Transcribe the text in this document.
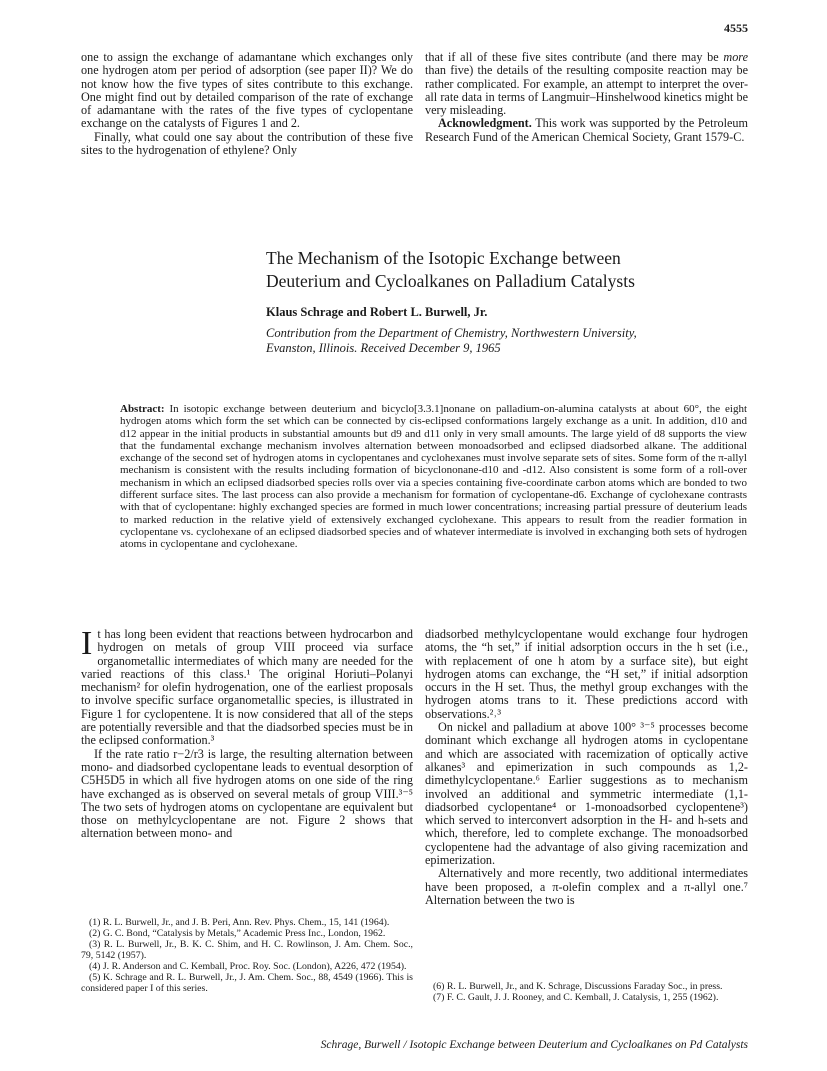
4555

one to assign the exchange of adamantane which exchanges only one hydrogen atom per period of adsorption (see paper II)? We do not know how the five types of sites contribute to this exchange. One might find out by detailed comparison of the rate of exchange of adamantane with the rates of the five types of cyclopentane exchange on the catalysts of Figures 1 and 2.

Finally, what could one say about the contribution of these five sites to the hydrogenation of ethylene? Only

that if all of these five sites contribute (and there may be more than five) the details of the resulting composite reaction may be rather complicated. For example, an attempt to interpret the over-all rate data in terms of Langmuir–Hinshelwood kinetics might be very misleading.

Acknowledgment. This work was supported by the Petroleum Research Fund of the American Chemical Society, Grant 1579-C.

The Mechanism of the Isotopic Exchange between
Deuterium and Cycloalkanes on Palladium Catalysts

Klaus Schrage and Robert L. Burwell, Jr.

Contribution from the Department of Chemistry, Northwestern University,
Evanston, Illinois. Received December 9, 1965

Abstract: In isotopic exchange between deuterium and bicyclo[3.3.1]nonane on palladium-on-alumina catalysts at about 60°, the eight hydrogen atoms which form the set which can be connected by cis-eclipsed conformations largely exchange as a unit. In addition, d10 and d12 appear in the initial products in substantial amounts but d9 and d11 only in very small amounts. The large yield of d8 supports the view that the fundamental exchange mechanism involves alternation between monoadsorbed and eclipsed diadsorbed alkane. The additional exchange of the second set of hydrogen atoms in cyclopentanes and cyclohexanes must involve separate sets of sites. Some form of the π-allyl mechanism is consistent with the results including formation of bicyclononane-d10 and -d12. Also consistent is some form of a roll-over mechanism in which an eclipsed diadsorbed species rolls over via a species containing five-coordinate carbon atoms which are bonded to two different surface sites. The last process can also provide a mechanism for formation of cyclopentane-d6. Exchange of cyclohexane contrasts with that of cyclopentane: highly exchanged species are formed in much lower concentrations; increasing partial pressure of deuterium leads to marked reduction in the relative yield of extensively exchanged cyclohexane. This appears to result from the readier formation in cyclopentane vs. cyclohexane of an eclipsed diadsorbed species and of whatever intermediate is involved in exchanging both sets of hydrogen atoms in cyclopentane and cyclohexane.

It has long been evident that reactions between hydrocarbon and hydrogen on metals of group VIII proceed via surface organometallic intermediates of which many are needed for the varied reactions of this class.¹ The original Horiuti–Polanyi mechanism² for olefin hydrogenation, one of the earliest proposals to involve specific surface organometallic species, is illustrated in Figure 1 for cyclopentene. It is now considered that all of the steps are potentially reversible and that the diadsorbed species must be in the eclipsed conformation.³

If the rate ratio r−2/r3 is large, the resulting alternation between mono- and diadsorbed cyclopentane leads to eventual desorption of C5H5D5 in which all five hydrogen atoms on one side of the ring have exchanged as is observed on several metals of group VIII.³⁻⁵ The two sets of hydrogen atoms on cyclopentane are equivalent but those on methylcyclopentane are not. Figure 2 shows that alternation between mono- and

diadsorbed methylcyclopentane would exchange four hydrogen atoms, the “h set,” if initial adsorption occurs in the h set (i.e., with replacement of one h atom by a surface site), but eight hydrogen atoms can exchange, the “H set,” if initial adsorption occurs in the H set. Thus, the methyl group exchanges with the hydrogen atoms trans to it. These predictions accord with observations.²˒³

On nickel and palladium at above 100° ³⁻⁵ processes become dominant which exchange all hydrogen atoms in cyclopentane and which are associated with racemization of optically active alkanes³ and epimerization in such compounds as 1,2-dimethylcyclopentane.⁶ Earlier suggestions as to mechanism involved an additional and symmetric intermediate (1,1-diadsorbed cyclopentane⁴ or 1-monoadsorbed cyclopentene³) which served to interconvert adsorption in the H- and h-sets and which, therefore, led to complete exchange. The monoadsorbed cyclopentene had the advantage of also giving racemization and epimerization.

Alternatively and more recently, two additional intermediates have been proposed, a π-olefin complex and a π-allyl one.⁷ Alternation between the two is

(1) R. L. Burwell, Jr., and J. B. Peri, Ann. Rev. Phys. Chem., 15, 141 (1964).

(2) G. C. Bond, “Catalysis by Metals,” Academic Press Inc., London, 1962.

(3) R. L. Burwell, Jr., B. K. C. Shim, and H. C. Rowlinson, J. Am. Chem. Soc., 79, 5142 (1957).

(4) J. R. Anderson and C. Kemball, Proc. Roy. Soc. (London), A226, 472 (1954).

(5) K. Schrage and R. L. Burwell, Jr., J. Am. Chem. Soc., 88, 4549 (1966). This is considered paper I of this series.	(6) R. L. Burwell, Jr., and K. Schrage, Discussions Faraday Soc., in press.

(7) F. C. Gault, J. J. Rooney, and C. Kemball, J. Catalysis, 1, 255 (1962).

Schrage, Burwell / Isotopic Exchange between Deuterium and Cycloalkanes on Pd Catalysts
